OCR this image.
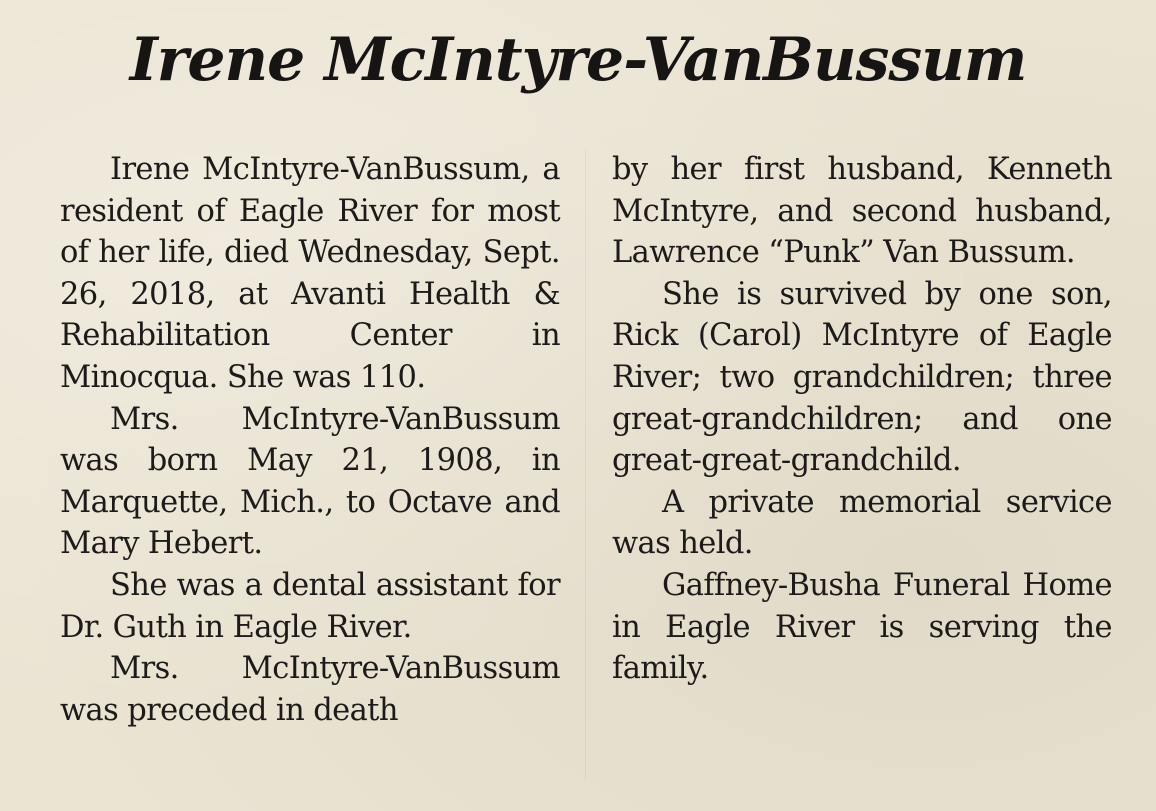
Irene McIntyre-VanBussum

Irene McIntyre-VanBussum, a resident of Eagle River for most of her life, died Wednesday, Sept. 26, 2018, at Avanti Health & Rehabilitation Center in Minocqua. She was 110.

Mrs. McIntyre-VanBussum was born May 21, 1908, in Marquette, Mich., to Octave and Mary Hebert.

She was a dental assistant for Dr. Guth in Eagle River.

Mrs. McIntyre-VanBussum was preceded in death

by her first husband, Kenneth McIntyre, and second husband, Lawrence “Punk” Van Bussum.

She is survived by one son, Rick (Carol) McIntyre of Eagle River; two grandchildren; three great-grandchildren; and one great-great-grandchild.

A private memorial service was held.

Gaffney-Busha Funeral Home in Eagle River is serving the family.
